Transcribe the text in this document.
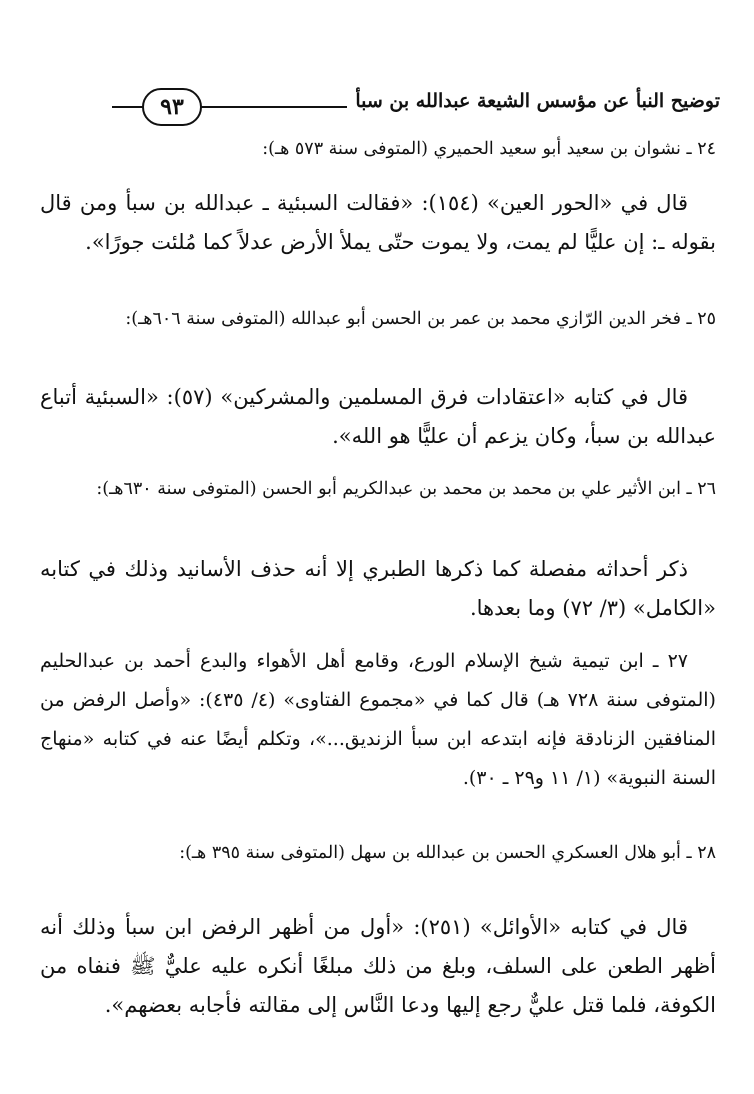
توضيح النبأ عن مؤسس الشيعة عبدالله بن سبأ
٩٣
٢٤ ـ نشوان بن سعيد أبو سعيد الحميري (المتوفى سنة ٥٧٣ هـ):
قال في «الحور العين» (١٥٤): «فقالت السبئية ـ عبدالله بن سبأ ومن قال بقوله ـ: إن عليًّا لم يمت، ولا يموت حتّى يملأ الأرض عدلاً كما مُلئت جورًا».
٢٥ ـ فخر الدين الرّازي محمد بن عمر بن الحسن أبو عبدالله (المتوفى سنة ٦٠٦هـ):
قال في كتابه «اعتقادات فرق المسلمين والمشركين» (٥٧): «السبئية أتباع عبدالله بن سبأ، وكان يزعم أن عليًّا هو الله».
٢٦ ـ ابن الأثير علي بن محمد بن محمد بن عبدالكريم أبو الحسن (المتوفى سنة ٦٣٠هـ):
ذكر أحداثه مفصلة كما ذكرها الطبري إلا أنه حذف الأسانيد وذلك في كتابه «الكامل» (٣/ ٧٢) وما بعدها.
٢٧ ـ ابن تيمية شيخ الإسلام الورع، وقامع أهل الأهواء والبدع أحمد بن عبدالحليم (المتوفى سنة ٧٢٨ هـ) قال كما في «مجموع الفتاوى» (٤/ ٤٣٥): «وأصل الرفض من المنافقين الزنادقة فإنه ابتدعه ابن سبأ الزنديق...»، وتكلم أيضًا عنه في كتابه «منهاج السنة النبوية» (١/ ١١ و٢٩ ـ ٣٠).
٢٨ ـ أبو هلال العسكري الحسن بن عبدالله بن سهل (المتوفى سنة ٣٩٥ هـ):
قال في كتابه «الأوائل» (٢٥١): «أول من أظهر الرفض ابن سبأ وذلك أنه أظهر الطعن على السلف، وبلغ من ذلك مبلغًا أنكره عليه عليٌّ ﷺ فنفاه من الكوفة، فلما قتل عليٌّ رجع إليها ودعا النَّاس إلى مقالته فأجابه بعضهم».
